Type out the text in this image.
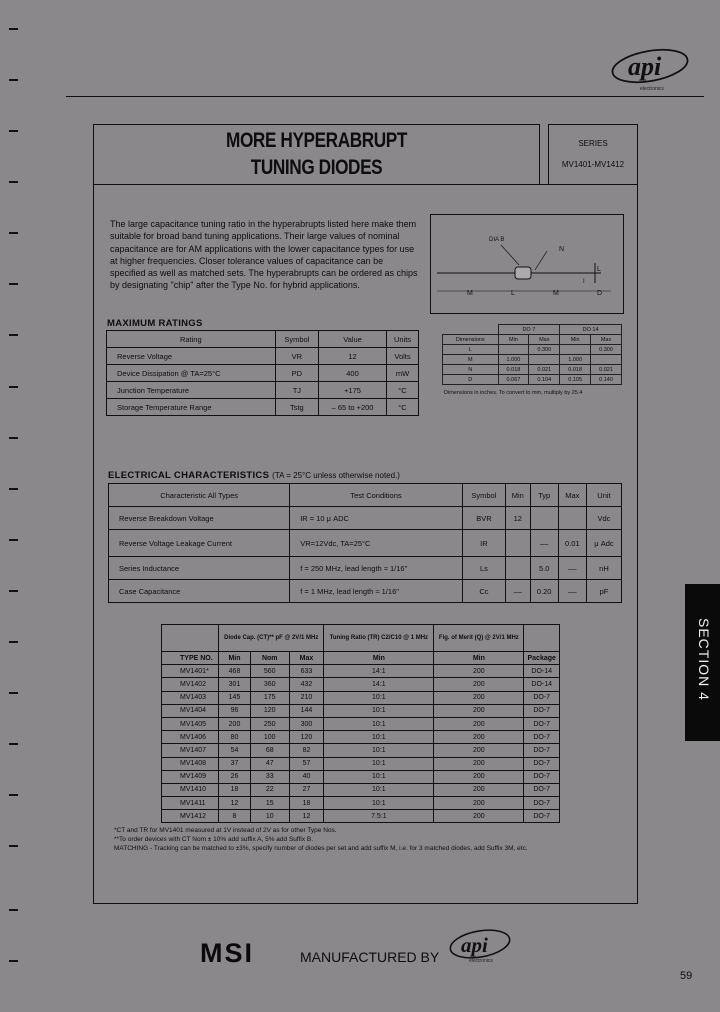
api
electronics
MORE HYPERABRUPT
TUNING DIODES
SERIES
MV1401-MV1412
The large capacitance tuning ratio in the hyperabrupts listed here make them suitable for broad band tuning applications. Their large values of nominal capacitance are for AM applications with the lower capacitance types for use at higher frequencies. Closer tolerance values of capacitance can be specified as well as matched sets. The hyperabrupts can be ordered as chips by designating "chip" after the Type No. for hybrid applications.
DIA B
N
L
M	L	M	D
I
	DO 7		DO 14	
Dimensions	Min	Max	Min	Max
L		0.300		0.300
M	1.000		1.000	
N	0.018	0.021	0.018	0.021
D	0.067	0.104	0.105	0.140
Dimensions in inches. To convert to mm, multiply by 25.4
MAXIMUM RATINGS
Rating	Symbol	Value	Units
Reverse Voltage	VR	12	Volts
Device Dissipation @ TA=25°C	PD	400	mW
Junction Temperature	TJ	+175	°C
Storage Temperature Range	Tstg	– 65 to +200	°C
ELECTRICAL CHARACTERISTICS (TA = 25°C unless otherwise noted.)
Characteristic All Types	Test Conditions	Symbol	Min	Typ	Max	Unit
Reverse Breakdown Voltage	IR = 10 μ ADC	BVR	12			Vdc
Reverse Voltage Leakage Current	VR=12Vdc, TA=25°C	IR		––	0.01	μ Adc
Series Inductance	f = 250 MHz, lead length ≈ 1/16"	Ls		5.0	––	nH
Case Capacitance	f = 1 MHz, lead length ≈ 1/16"	Cc	––	0.20	––	pF
	Diode Cap. (CT)** pF @ 2V/1 MHz			Tuning Ratio (TR) C2/C10 @ 1 MHz	Fig. of Merit (Q) @ 2V/1 MHz	
TYPE NO.	Min	Nom	Max	Min	Min	Package
MV1401*	468	560	633	14:1	200	DO-14
MV1402	301	360	432	14:1	200	DO-14
MV1403	145	175	210	10:1	200	DO-7
MV1404	96	120	144	10:1	200	DO-7
MV1405	200	250	300	10:1	200	DO-7
MV1406	80	100	120	10:1	200	DO-7
MV1407	54	68	82	10:1	200	DO-7
MV1408	37	47	57	10:1	200	DO-7
MV1409	26	33	40	10:1	200	DO-7
MV1410	18	22	27	10:1	200	DO-7
MV1411	12	15	18	10:1	200	DO-7
MV1412	8	10	12	7.5:1	200	DO-7
*CT and TR for MV1401 measured at 1V instead of 2V as for other Type Nos.
**To order devices with CT Nom ± 10% add suffix A, 5% add Suffix B.
MATCHING - Tracking can be matched to ±3%, specify number of diodes per set and add suffix M, i.e. for 3 matched diodes, add Suffix 3M, etc.
SECTION 4
MSI	MANUFACTURED BY api
electronics
59
